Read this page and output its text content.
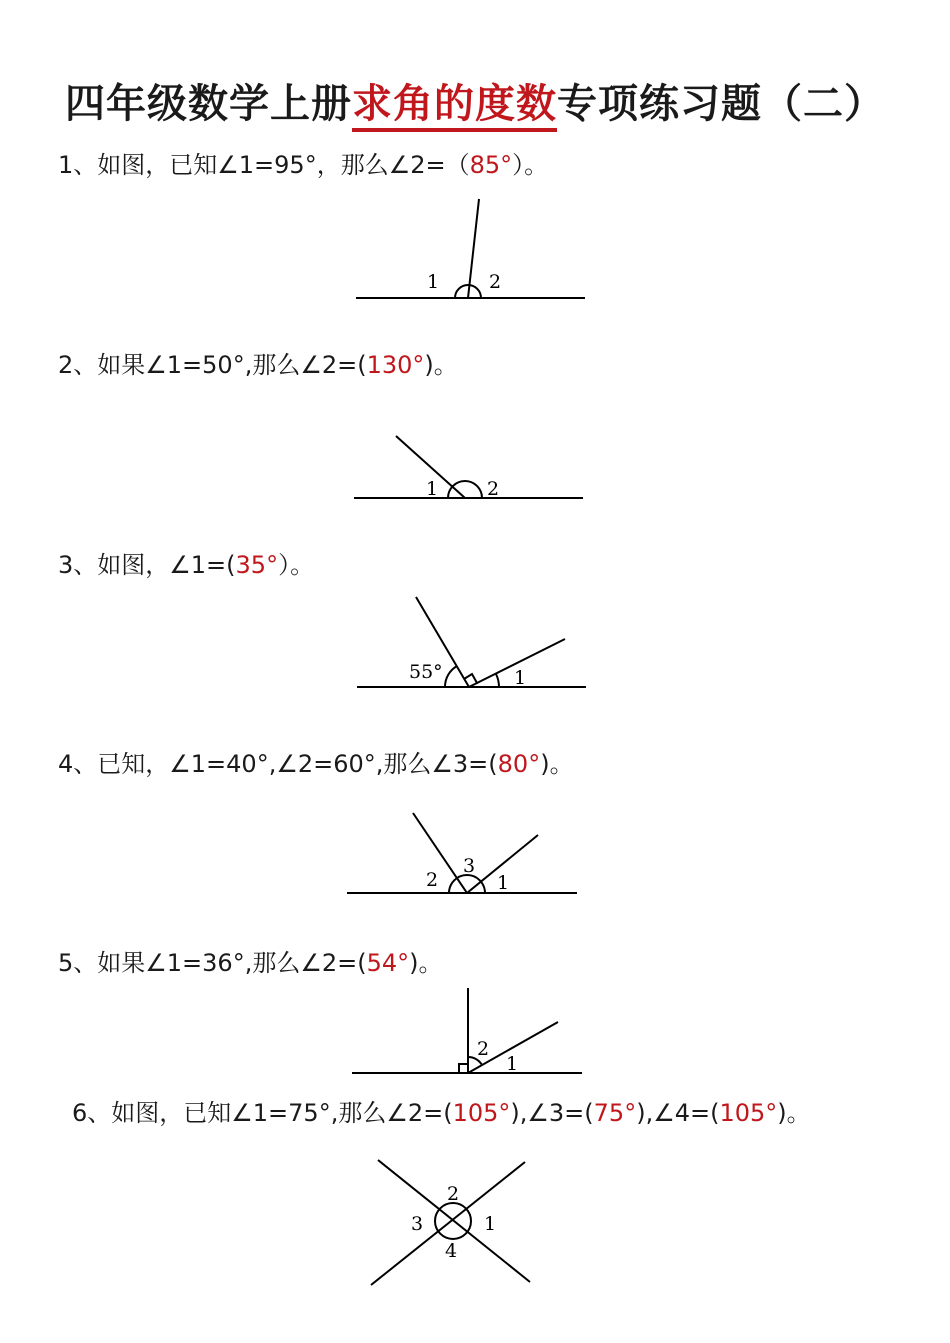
四年级数学上册求角的度数专项练习题（二）
1、如图，已知∠1=95°，那么∠2=（85°）。
2、如果∠1=50°,那么∠2=(130°)。
3、如图，∠1=(35°）。
4、已知，∠1=40°,∠2=60°,那么∠3=(80°)。
5、如果∠1=36°,那么∠2=(54°)。
6、如图，已知∠1=75°,那么∠2=(105°),∠3=(75°),∠4=(105°)。
1	2
1	2
55°	1
2
3
1
2
1
2
3	1
4
